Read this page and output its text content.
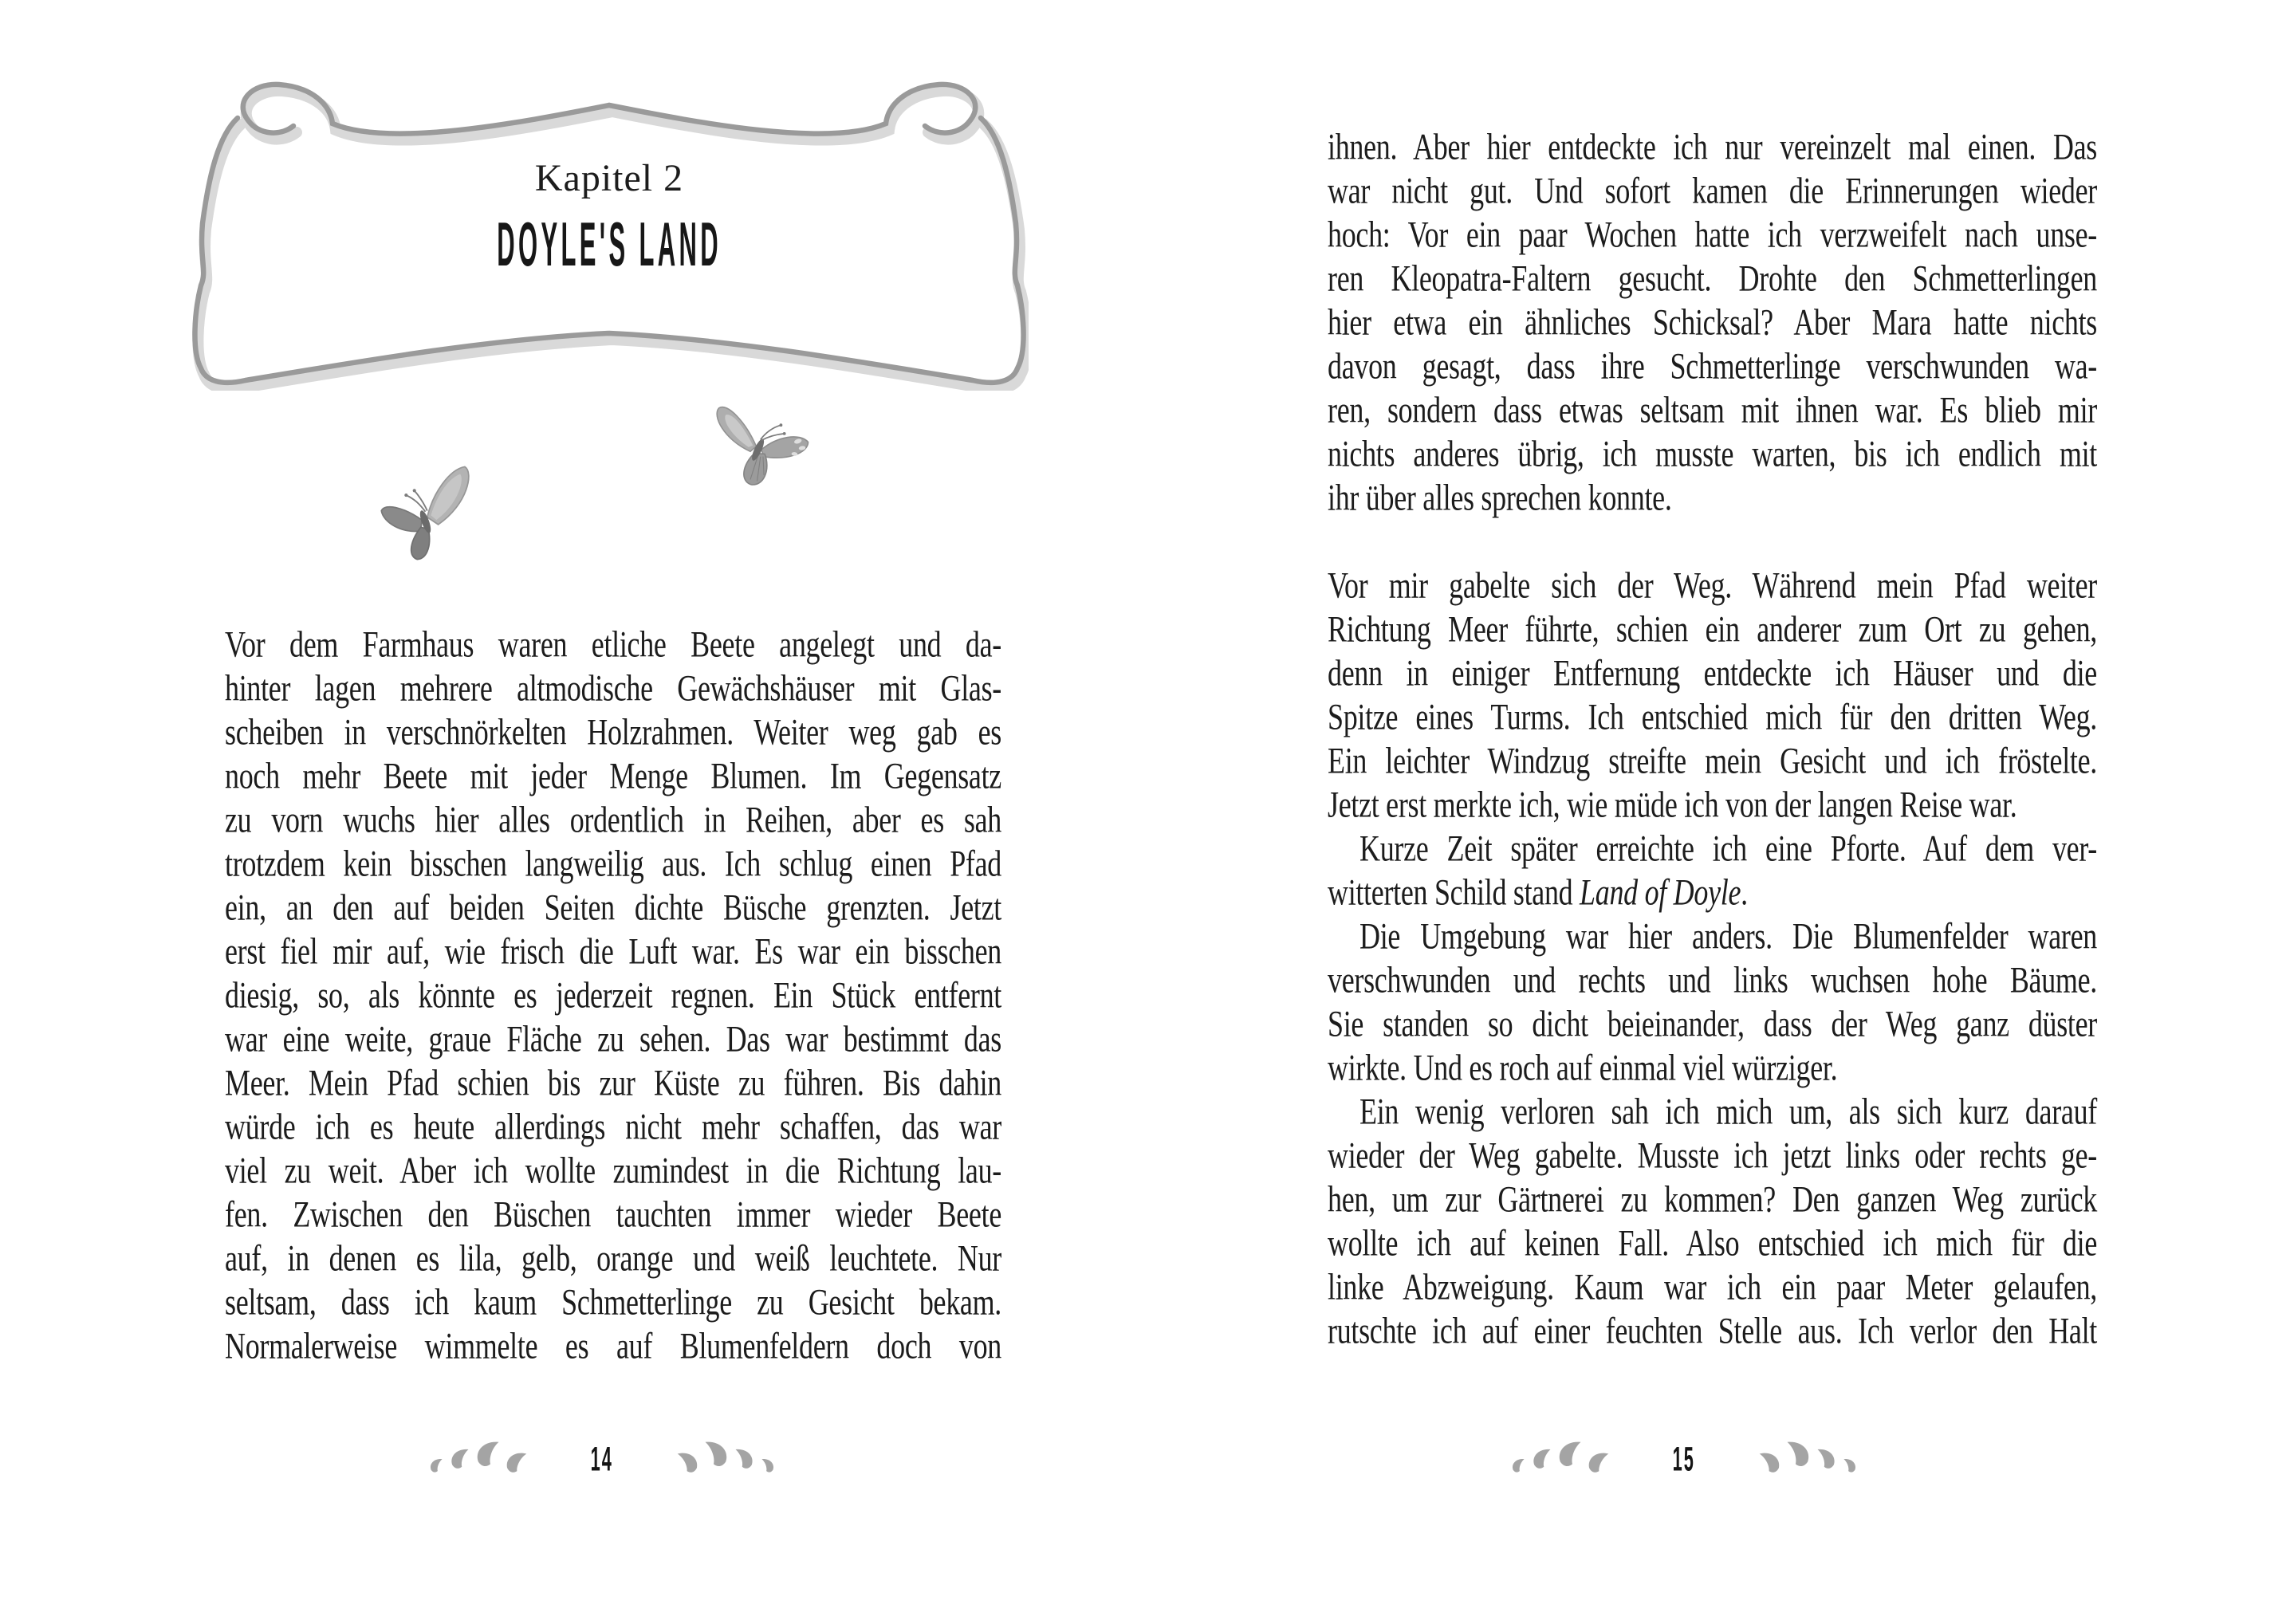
Kapitel 2
DOYLE'S LAND
Vor dem Farmhaus waren etliche Beete angelegt und da-
hinter lagen mehrere altmodische Gewächshäuser mit Glas-
scheiben in verschnörkelten Holzrahmen. Weiter weg gab es
noch mehr Beete mit jeder Menge Blumen. Im Gegensatz
zu vorn wuchs hier alles ordentlich in Reihen, aber es sah
trotzdem kein bisschen langweilig aus. Ich schlug einen Pfad
ein, an den auf beiden Seiten dichte Büsche grenzten. Jetzt
erst fiel mir auf, wie frisch die Luft war. Es war ein bisschen
diesig, so, als könnte es jederzeit regnen. Ein Stück entfernt
war eine weite, graue Fläche zu sehen. Das war bestimmt das
Meer. Mein Pfad schien bis zur Küste zu führen. Bis dahin
würde ich es heute allerdings nicht mehr schaffen, das war
viel zu weit. Aber ich wollte zumindest in die Richtung lau-
fen. Zwischen den Büschen tauchten immer wieder Beete
auf, in denen es lila, gelb, orange und weiß leuchtete. Nur
seltsam, dass ich kaum Schmetterlinge zu Gesicht bekam.
Normalerweise wimmelte es auf Blumenfeldern doch von
14
ihnen. Aber hier entdeckte ich nur vereinzelt mal einen. Das
war nicht gut. Und sofort kamen die Erinnerungen wieder
hoch: Vor ein paar Wochen hatte ich verzweifelt nach unse-
ren Kleopatra-Faltern gesucht. Drohte den Schmetterlingen
hier etwa ein ähnliches Schicksal? Aber Mara hatte nichts
davon gesagt, dass ihre Schmetterlinge verschwunden wa-
ren, sondern dass etwas seltsam mit ihnen war. Es blieb mir
nichts anderes übrig, ich musste warten, bis ich endlich mit
ihr über alles sprechen konnte.
Vor mir gabelte sich der Weg. Während mein Pfad weiter
Richtung Meer führte, schien ein anderer zum Ort zu gehen,
denn in einiger Entfernung entdeckte ich Häuser und die
Spitze eines Turms. Ich entschied mich für den dritten Weg.
Ein leichter Windzug streifte mein Gesicht und ich fröstelte.
Jetzt erst merkte ich, wie müde ich von der langen Reise war.
Kurze Zeit später erreichte ich eine Pforte. Auf dem ver-
witterten Schild stand Land of Doyle.
Die Umgebung war hier anders. Die Blumenfelder waren
verschwunden und rechts und links wuchsen hohe Bäume.
Sie standen so dicht beieinander, dass der Weg ganz düster
wirkte. Und es roch auf einmal viel würziger.
Ein wenig verloren sah ich mich um, als sich kurz darauf
wieder der Weg gabelte. Musste ich jetzt links oder rechts ge-
hen, um zur Gärtnerei zu kommen? Den ganzen Weg zurück
wollte ich auf keinen Fall. Also entschied ich mich für die
linke Abzweigung. Kaum war ich ein paar Meter gelaufen,
rutschte ich auf einer feuchten Stelle aus. Ich verlor den Halt
15
